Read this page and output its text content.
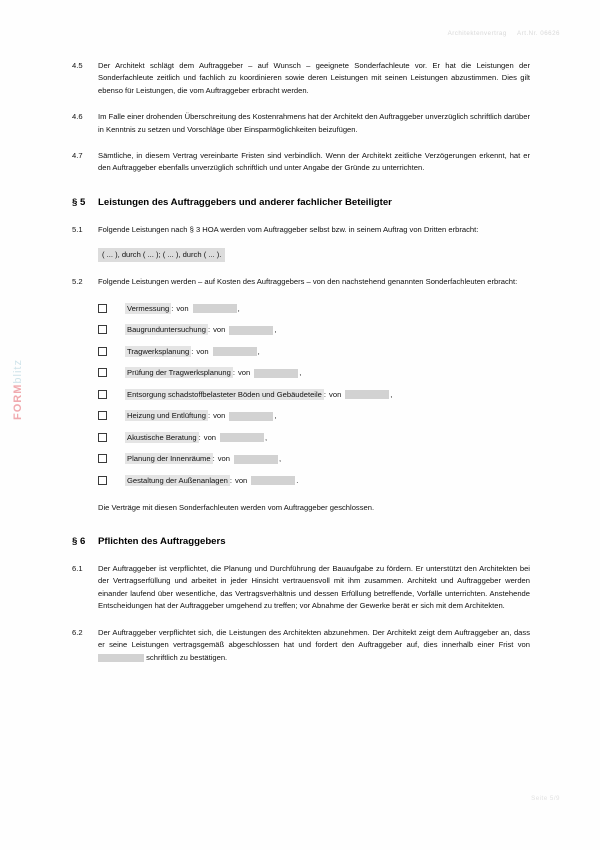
Architektenvertrag Art.Nr. 06626
FORMblitz
4.5	Der Architekt schlägt dem Auftraggeber – auf Wunsch – geeignete Sonderfachleute vor. Er hat die Leistungen der Sonderfachleute zeitlich und fachlich zu koordinieren sowie deren Leistungen mit seinen Leistungen abzustimmen. Dies gilt ebenso für Leistungen, die vom Auftraggeber erbracht werden.
4.6	Im Falle einer drohenden Überschreitung des Kostenrahmens hat der Architekt den Auftraggeber unverzüglich schriftlich darüber in Kenntnis zu setzen und Vorschläge über Einsparmöglichkeiten beizufügen.
4.7	Sämtliche, in diesem Vertrag vereinbarte Fristen sind verbindlich. Wenn der Architekt zeitliche Verzögerungen erkennt, hat er den Auftraggeber ebenfalls unverzüglich schriftlich und unter Angabe der Gründe zu unterrichten.
§ 5	Leistungen des Auftraggebers und anderer fachlicher Beteiligter
5.1	Folgende Leistungen nach § 3 HOA werden vom Auftraggeber selbst bzw. in seinem Auftrag von Dritten erbracht:
( ... ), durch ( ... ); ( ... ), durch ( ... ).
5.2	Folgende Leistungen werden – auf Kosten des Auftraggebers – von den nachstehend genannten Sonderfachleuten erbracht:
Vermessung : von	,
Baugrunduntersuchung : von	,
Tragwerksplanung : von	,
Prüfung der Tragwerksplanung : von	,
Entsorgung schadstoffbelasteter Böden und Gebäudeteile : von	,
Heizung und Entlüftung : von	,
Akustische Beratung : von	,
Planung der Innenräume : von	,
Gestaltung der Außenanlagen : von	.
Die Verträge mit diesen Sonderfachleuten werden vom Auftraggeber geschlossen.
§ 6	Pflichten des Auftraggebers
6.1	Der Auftraggeber ist verpflichtet, die Planung und Durchführung der Bauaufgabe zu fördern. Er unterstützt den Architekten bei der Vertragserfüllung und arbeitet in jeder Hinsicht vertrauensvoll mit ihm zusammen. Architekt und Auftraggeber werden einander laufend über wesentliche, das Vertragsverhältnis und dessen Erfüllung betreffende, Vorfälle unterrichten. Anstehende Entscheidungen hat der Auftraggeber umgehend zu treffen; vor Abnahme der Gewerke berät er sich mit dem Architekten.
6.2	Der Auftraggeber verpflichtet sich, die Leistungen des Architekten abzunehmen. Der Architekt zeigt dem Auftraggeber an, dass er seine Leistungen vertragsgemäß abgeschlossen hat und fordert den Auftraggeber auf, dies innerhalb einer Frist von  schriftlich zu bestätigen.
Seite 5/9
